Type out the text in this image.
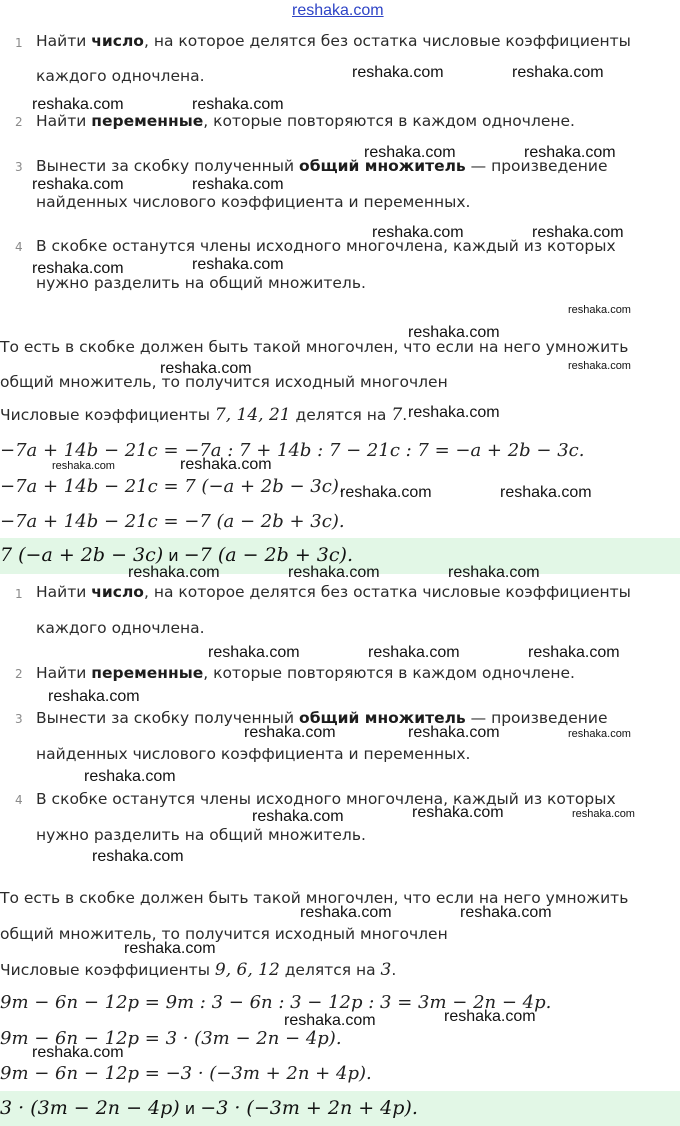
reshaka.com
1 Найти число, на которое делятся без остатка числовые коэффициенты
каждого одночлена.
2 Найти переменные, которые повторяются в каждом одночлене.
3 Вынести за скобку полученный общий множитель — произведение
найденных числового коэффициента и переменных.
4 В скобке останутся члены исходного многочлена, каждый из которых
нужно разделить на общий множитель.
То есть в скобке должен быть такой многочлен, что если на него умножить
общий множитель, то получится исходный многочлен
Числовые коэффициенты 7, 14, 21 делятся на 7.
−7a + 14b − 21c = −7a : 7 + 14b : 7 − 21c : 7 = −a + 2b − 3c.
−7a + 14b − 21c = 7 (−a + 2b − 3c).
−7a + 14b − 21c = −7 (a − 2b + 3c).
7 (−a + 2b − 3c) и −7 (a − 2b + 3c).
1 Найти число, на которое делятся без остатка числовые коэффициенты
каждого одночлена.
2 Найти переменные, которые повторяются в каждом одночлене.
3 Вынести за скобку полученный общий множитель — произведение
найденных числового коэффициента и переменных.
4 В скобке останутся члены исходного многочлена, каждый из которых
нужно разделить на общий множитель.
То есть в скобке должен быть такой многочлен, что если на него умножить
общий множитель, то получится исходный многочлен
Числовые коэффициенты 9, 6, 12 делятся на 3.
9m − 6n − 12p = 9m : 3 − 6n : 3 − 12p : 3 = 3m − 2n − 4p.
9m − 6n − 12p = 3 · (3m − 2n − 4p).
9m − 6n − 12p = −3 · (−3m + 2n + 4p).
3 · (3m − 2n − 4p) и −3 · (−3m + 2n + 4p).
reshaka.com	reshaka.com
reshaka.com	reshaka.com
reshaka.com	reshaka.com
reshaka.com	reshaka.com
reshaka.com	reshaka.com
reshaka.com	reshaka.com
reshaka.com
reshaka.com
reshaka.com	reshaka.com
reshaka.com
reshaka.com	reshaka.com
reshaka.com	reshaka.com
reshaka.com	reshaka.com	reshaka.com
reshaka.com	reshaka.com	reshaka.com
reshaka.com
reshaka.com	reshaka.com	reshaka.com
reshaka.com
reshaka.com	reshaka.com	reshaka.com
reshaka.com
reshaka.com	reshaka.com
reshaka.com
reshaka.com	reshaka.com
reshaka.com
